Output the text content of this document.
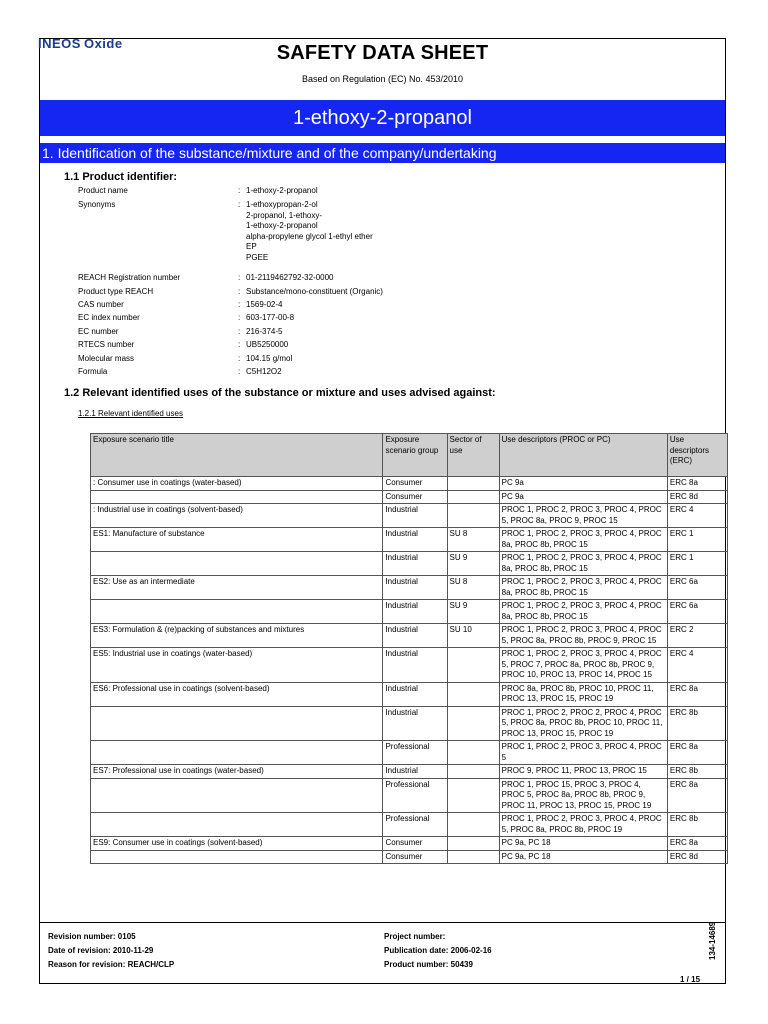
INEOS Oxide	SAFETY DATA SHEET
Based on Regulation (EC) No. 453/2010
1-ethoxy-2-propanol
1. Identification of the substance/mixture and of the company/undertaking
1.1 Product identifier:
Product name	: 1-ethoxy-2-propanol
Synonyms	: 1-ethoxypropan-2-ol
2-propanol, 1-ethoxy-
1-ethoxy-2-propanol
alpha-propylene glycol 1-ethyl ether
EP
PGEE
REACH Registration number	: 01-2119462792-32-0000
Product type REACH	: Substance/mono-constituent (Organic)
CAS number	: 1569-02-4
EC index number	: 603-177-00-8
EC number	: 216-374-5
RTECS number	: UB5250000
Molecular mass	: 104.15 g/mol
Formula	: C5H12O2
1.2 Relevant identified uses of the substance or mixture and uses advised against:
1.2.1 Relevant identified uses
Exposure scenario title	Exposure scenario group	Sector of use	Use descriptors (PROC or PC)	Use descriptors (ERC)
: Consumer use in coatings (water-based)	Consumer		PC 9a	ERC 8a
	Consumer		PC 9a	ERC 8d
: Industrial use in coatings (solvent-based)	Industrial		PROC 1, PROC 2, PROC 3, PROC 4, PROC 5, PROC 8a, PROC 9, PROC 15	ERC 4
ES1: Manufacture of substance	Industrial	SU 8	PROC 1, PROC 2, PROC 3, PROC 4, PROC 8a, PROC 8b, PROC 15	ERC 1
	Industrial	SU 9	PROC 1, PROC 2, PROC 3, PROC 4, PROC 8a, PROC 8b, PROC 15	ERC 1
ES2: Use as an intermediate	Industrial	SU 8	PROC 1, PROC 2, PROC 3, PROC 4, PROC 8a, PROC 8b, PROC 15	ERC 6a
	Industrial	SU 9	PROC 1, PROC 2, PROC 3, PROC 4, PROC 8a, PROC 8b, PROC 15	ERC 6a
ES3: Formulation & (re)packing of substances and mixtures	Industrial	SU 10	PROC 1, PROC 2, PROC 3, PROC 4, PROC 5, PROC 8a, PROC 8b, PROC 9, PROC 15	ERC 2
ES5: Industrial use in coatings (water-based)	Industrial		PROC 1, PROC 2, PROC 3, PROC 4, PROC 5, PROC 7, PROC 8a, PROC 8b, PROC 9, PROC 10, PROC 13, PROC 14, PROC 15	ERC 4
ES6: Professional use in coatings (solvent-based)	Industrial		PROC 8a, PROC 8b, PROC 10, PROC 11, PROC 13, PROC 15, PROC 19	ERC 8a
	Industrial		PROC 1, PROC 2, PROC 2, PROC 4, PROC 5, PROC 8a, PROC 8b, PROC 10, PROC 11, PROC 13, PROC 15, PROC 19	ERC 8b
	Professional		PROC 1, PROC 2, PROC 3, PROC 4, PROC 5	ERC 8a
ES7: Professional use in coatings (water-based)	Industrial		PROC 9, PROC 11, PROC 13, PROC 15	ERC 8b
	Professional		PROC 1, PROC 15, PROC 3, PROC 4, PROC 5, PROC 8a, PROC 8b, PROC 9, PROC 11, PROC 13, PROC 15, PROC 19	ERC 8a
	Professional		PROC 1, PROC 2, PROC 3, PROC 4, PROC 5, PROC 8a, PROC 8b, PROC 19	ERC 8b
ES9: Consumer use in coatings (solvent-based)	Consumer		PC 9a, PC 18	ERC 8a
	Consumer		PC 9a, PC 18	ERC 8d
Revision number: 0105
Date of revision: 2010-11-29
Reason for revision: REACH/CLP
Project number:
Publication date: 2006-02-16
Product number: 50439
134-14689
1 / 15
